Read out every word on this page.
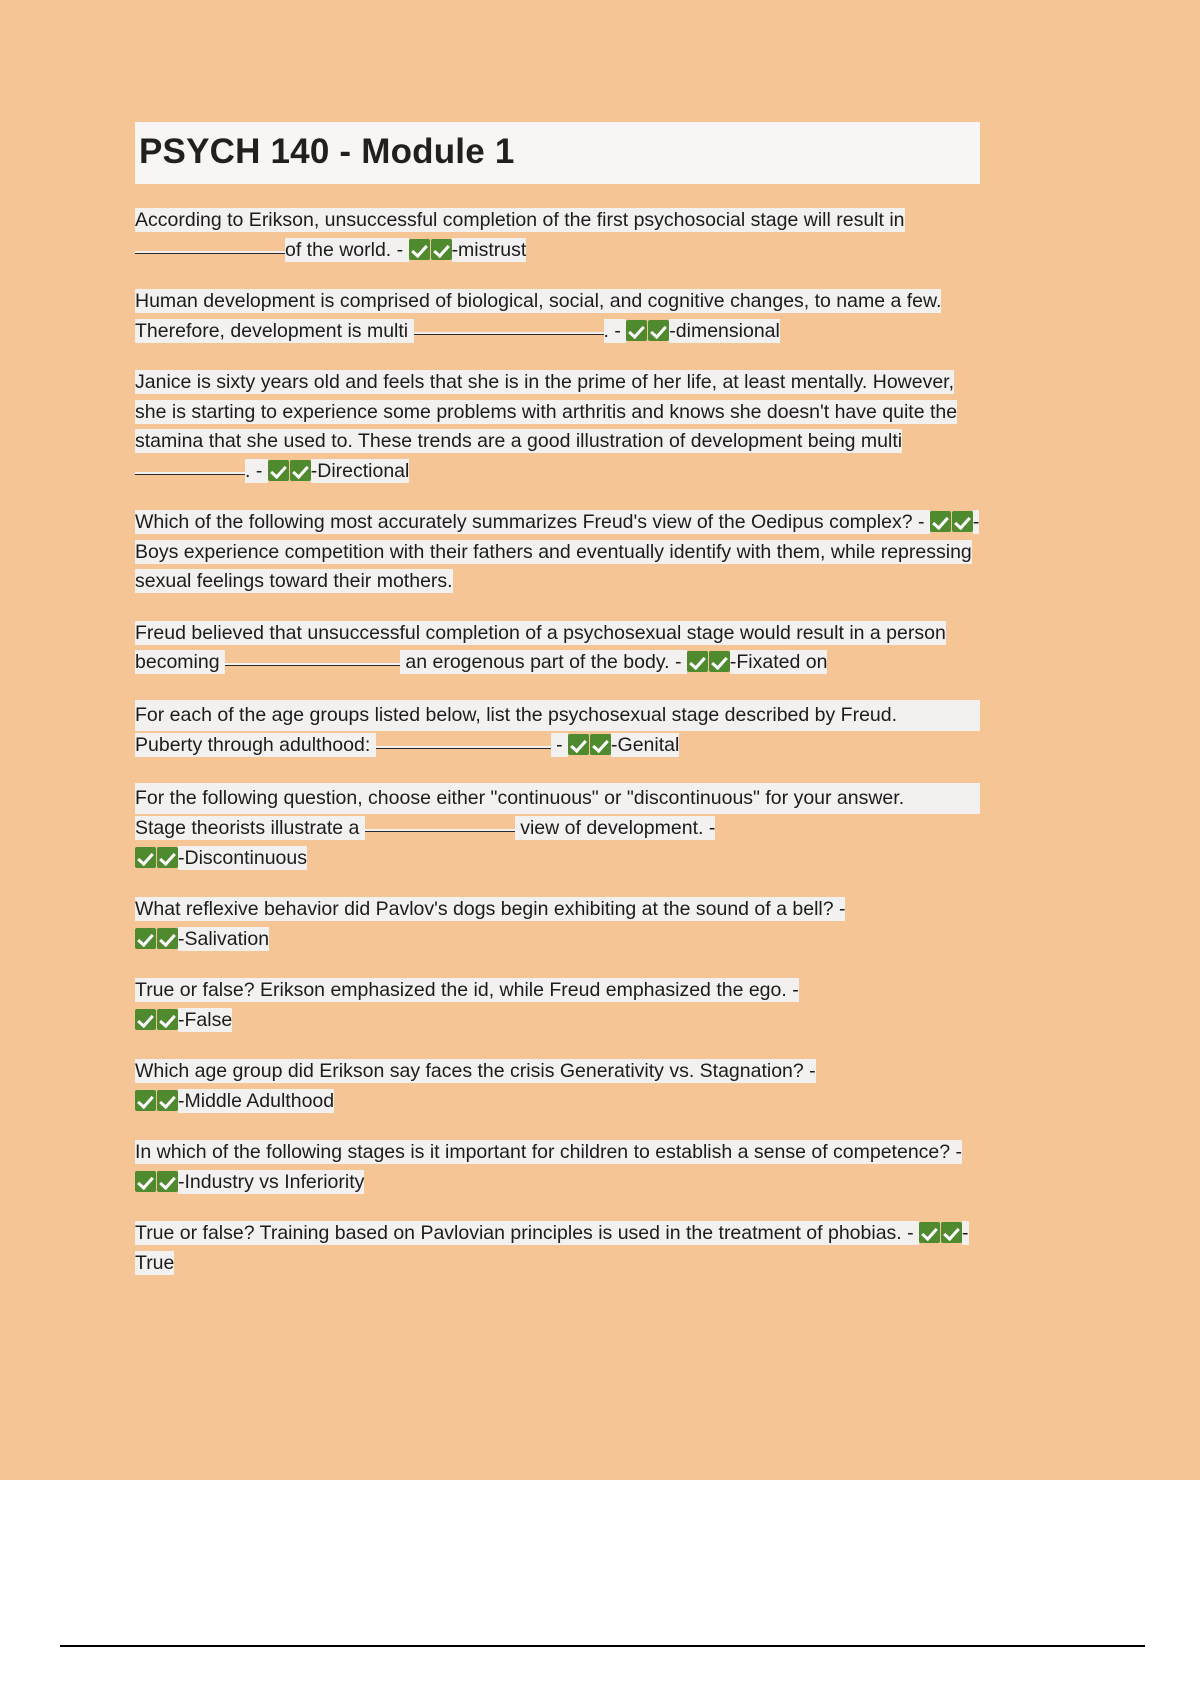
PSYCH 140 - Module 1
According to Erikson, unsuccessful completion of the first psychosocial stage will result in of the world. - -mistrust
Human development is comprised of biological, social, and cognitive changes, to name a few. Therefore, development is multi	. - -dimensional
Janice is sixty years old and feels that she is in the prime of her life, at least mentally. However, she is starting to experience some problems with arthritis and knows she doesn't have quite the stamina that she used to. These trends are a good illustration of development being multi . - -Directional
Which of the following most accurately summarizes Freud's view of the Oedipus complex? - -Boys experience competition with their fathers and eventually identify with them, while repressing sexual feelings toward their mothers.
Freud believed that unsuccessful completion of a psychosexual stage would result in a person becoming	an erogenous part of the body. - -Fixated on
For each of the age groups listed below, list the psychosexual stage described by Freud.
Puberty through adulthood:	- -Genital
For the following question, choose either "continuous" or "discontinuous" for your answer.
Stage theorists illustrate a	view of development. -
-Discontinuous
What reflexive behavior did Pavlov's dogs begin exhibiting at the sound of a bell? -
-Salivation
True or false? Erikson emphasized the id, while Freud emphasized the ego. -
-False
Which age group did Erikson say faces the crisis Generativity vs. Stagnation? -
-Middle Adulthood
In which of the following stages is it important for children to establish a sense of competence? - -Industry vs Inferiority
True or false? Training based on Pavlovian principles is used in the treatment of phobias. - -True
